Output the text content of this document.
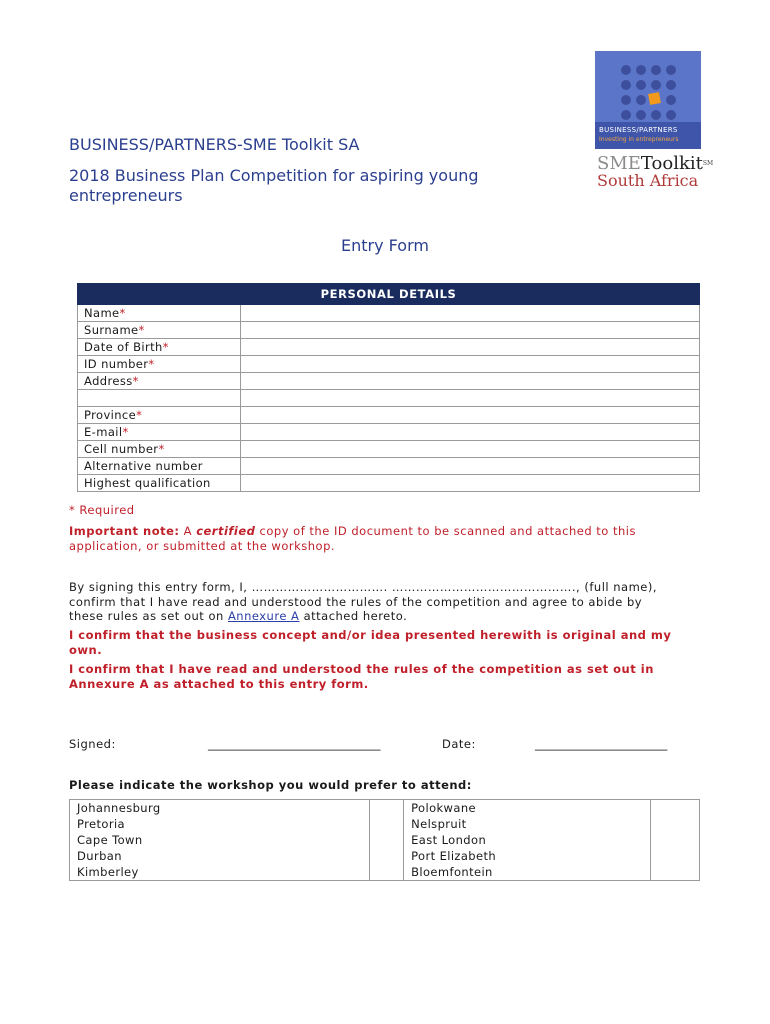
BUSINESS/PARTNERS-SME Toolkit SA
2018 Business Plan Competition for aspiring young
entrepreneurs
BUSINESS/PARTNERS
Investing in entrepreneurs
SMEToolkit℠
South Africa
Entry Form
PERSONAL DETAILS	
Name*	
Surname*	
Date of Birth*	
ID number*	
Address*	

Province*	
E-mail*	
Cell number*	
Alternative number	
Highest qualification	
* Required
Important note: A certified copy of the ID document to be scanned and attached to this
application, or submitted at the workshop.
By signing this entry form, I, ……………………………. ………………………………………., (full name),
confirm that I have read and understood the rules of the competition and agree to abide by
these rules as set out on Annexure A attached hereto.
I confirm that the business concept and/or idea presented herewith is original and my
own.
I confirm that I have read and understood the rules of the competition as set out in
Annexure A as attached to this entry form.
Signed:	______________________________	Date:	_______________________
Please indicate the workshop you would prefer to attend:
Johannesburg		Polokwane	
Pretoria		Nelspruit	
Cape Town		East London	
Durban		Port Elizabeth	
Kimberley		Bloemfontein	
